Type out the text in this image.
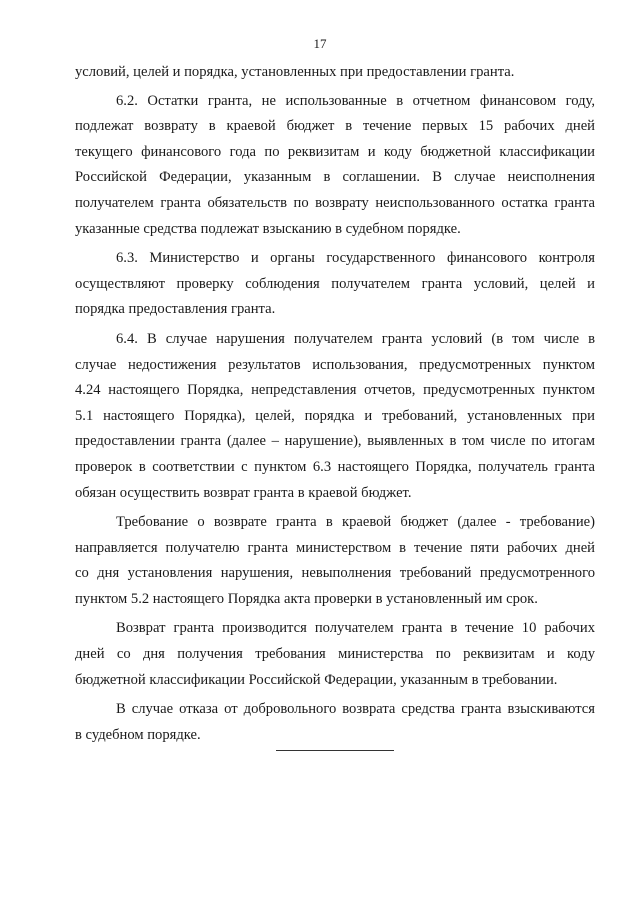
17
условий, целей и порядка, установленных при предоставлении гранта.
6.2. Остатки гранта, не использованные в отчетном финансовом году,
подлежат возврату в краевой бюджет в течение первых 15 рабочих дней
текущего финансового года по реквизитам и коду бюджетной классификации
Российской Федерации, указанным в соглашении. В случае неисполнения
получателем гранта обязательств по возврату неиспользованного остатка гранта
указанные средства подлежат взысканию в судебном порядке.
6.3. Министерство и органы государственного финансового контроля
осуществляют проверку соблюдения получателем гранта условий, целей и
порядка предоставления гранта.
6.4. В случае нарушения получателем гранта условий (в том числе в
случае недостижения результатов использования, предусмотренных пунктом
4.24 настоящего Порядка, непредставления отчетов, предусмотренных пунктом
5.1 настоящего Порядка), целей, порядка и требований, установленных при
предоставлении гранта (далее – нарушение), выявленных в том числе по итогам
проверок в соответствии с пунктом 6.3 настоящего Порядка, получатель гранта
обязан осуществить возврат гранта в краевой бюджет.
Требование о возврате гранта в краевой бюджет (далее - требование)
направляется получателю гранта министерством в течение пяти рабочих дней
со дня установления нарушения, невыполнения требований предусмотренного
пунктом 5.2 настоящего Порядка акта проверки в установленный им срок.
Возврат гранта производится получателем гранта в течение 10 рабочих
дней со дня получения требования министерства по реквизитам и коду
бюджетной классификации Российской Федерации, указанным в требовании.
В случае отказа от добровольного возврата средства гранта взыскиваются
в судебном порядке.
